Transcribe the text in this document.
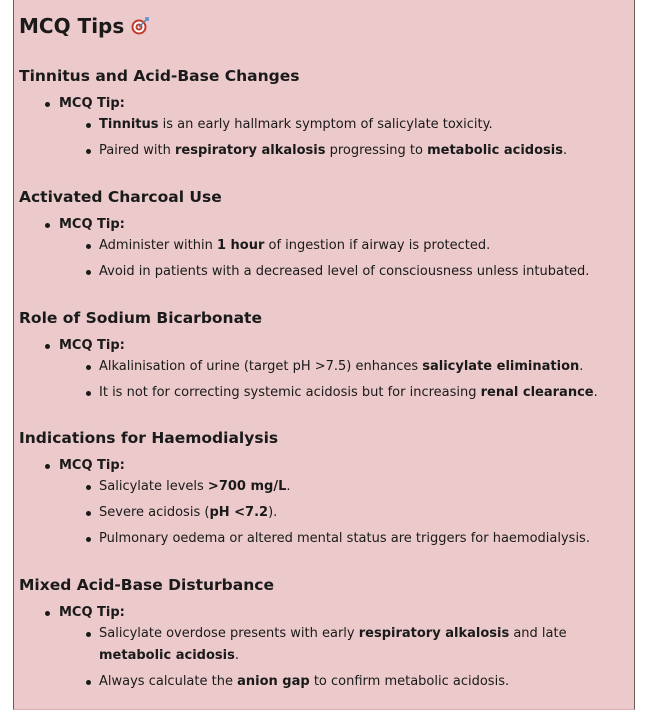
MCQ Tips
Tinnitus and Acid-Base Changes
MCQ Tip:
Tinnitus is an early hallmark symptom of salicylate toxicity.
Paired with respiratory alkalosis progressing to metabolic acidosis.
Activated Charcoal Use
MCQ Tip:
Administer within 1 hour of ingestion if airway is protected.
Avoid in patients with a decreased level of consciousness unless intubated.
Role of Sodium Bicarbonate
MCQ Tip:
Alkalinisation of urine (target pH >7.5) enhances salicylate elimination.
It is not for correcting systemic acidosis but for increasing renal clearance.
Indications for Haemodialysis
MCQ Tip:
Salicylate levels >700 mg/L.
Severe acidosis (pH <7.2).
Pulmonary oedema or altered mental status are triggers for haemodialysis.
Mixed Acid-Base Disturbance
MCQ Tip:
Salicylate overdose presents with early respiratory alkalosis and late metabolic acidosis.
Always calculate the anion gap to confirm metabolic acidosis.
